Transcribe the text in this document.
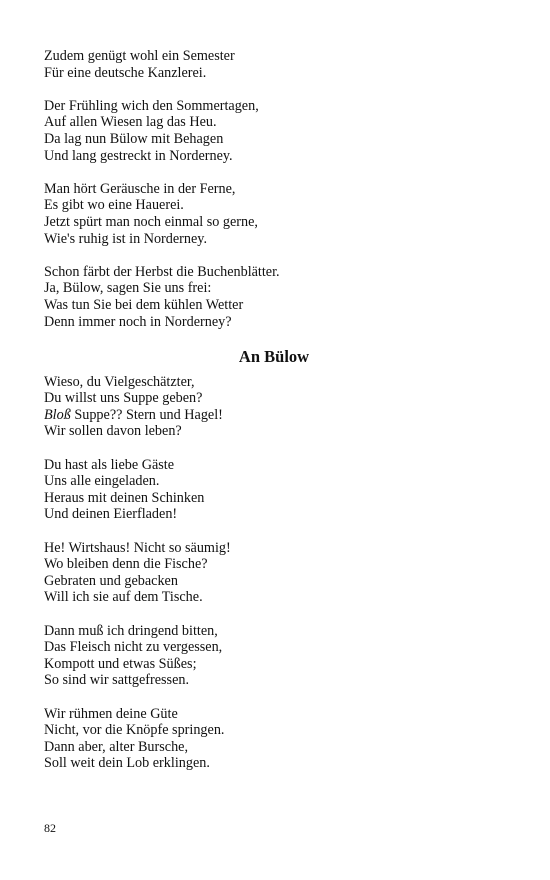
Zudem genügt wohl ein Semester
Für eine deutsche Kanzlerei.
Der Frühling wich den Sommertagen,
Auf allen Wiesen lag das Heu.
Da lag nun Bülow mit Behagen
Und lang gestreckt in Norderney.
Man hört Geräusche in der Ferne,
Es gibt wo eine Hauerei.
Jetzt spürt man noch einmal so gerne,
Wie's ruhig ist in Norderney.
Schon färbt der Herbst die Buchenblätter.
Ja, Bülow, sagen Sie uns frei:
Was tun Sie bei dem kühlen Wetter
Denn immer noch in Norderney?
An Bülow
Wieso, du Vielgeschätzter,
Du willst uns Suppe geben?
Bloß Suppe?? Stern und Hagel!
Wir sollen davon leben?
Du hast als liebe Gäste
Uns alle eingeladen.
Heraus mit deinen Schinken
Und deinen Eierfladen!
He! Wirtshaus! Nicht so säumig!
Wo bleiben denn die Fische?
Gebraten und gebacken
Will ich sie auf dem Tische.
Dann muß ich dringend bitten,
Das Fleisch nicht zu vergessen,
Kompott und etwas Süßes;
So sind wir sattgefressen.
Wir rühmen deine Güte
Nicht, vor die Knöpfe springen.
Dann aber, alter Bursche,
Soll weit dein Lob erklingen.
82
